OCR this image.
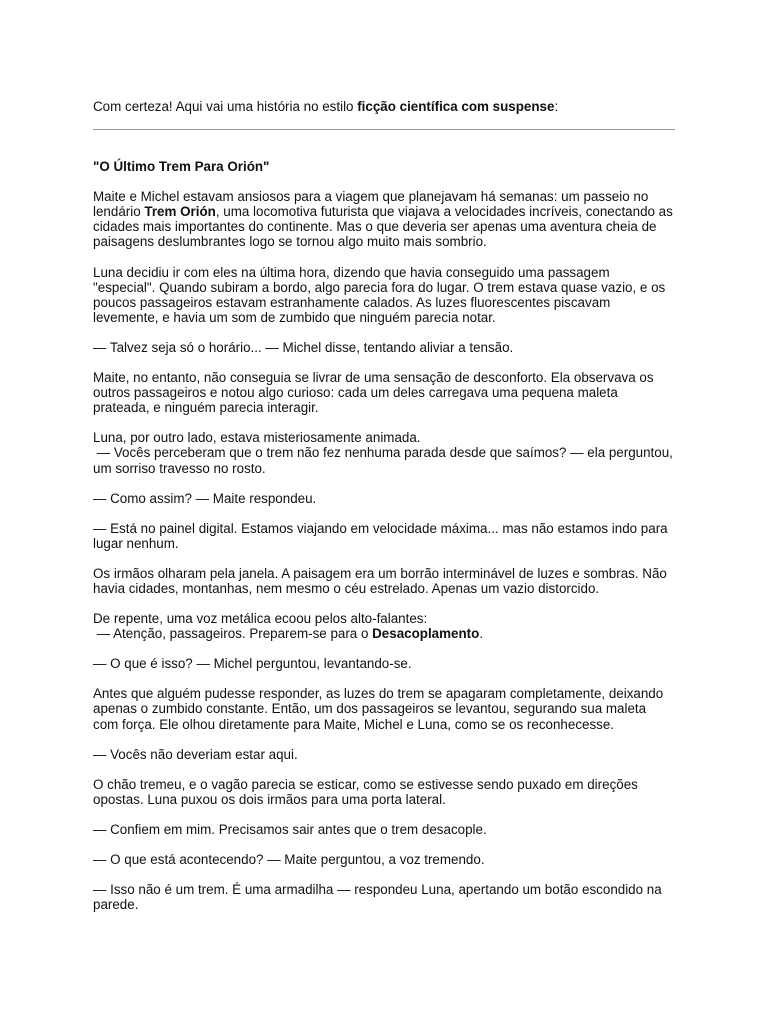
Com certeza! Aqui vai uma história no estilo ficção científica com suspense:

"O Último Trem Para Orión"

Maite e Michel estavam ansiosos para a viagem que planejavam há semanas: um passeio no lendário Trem Orión, uma locomotiva futurista que viajava a velocidades incríveis, conectando as cidades mais importantes do continente. Mas o que deveria ser apenas uma aventura cheia de paisagens deslumbrantes logo se tornou algo muito mais sombrio.

Luna decidiu ir com eles na última hora, dizendo que havia conseguido uma passagem "especial". Quando subiram a bordo, algo parecia fora do lugar. O trem estava quase vazio, e os poucos passageiros estavam estranhamente calados. As luzes fluorescentes piscavam levemente, e havia um som de zumbido que ninguém parecia notar.

— Talvez seja só o horário... — Michel disse, tentando aliviar a tensão.

Maite, no entanto, não conseguia se livrar de uma sensação de desconforto. Ela observava os outros passageiros e notou algo curioso: cada um deles carregava uma pequena maleta prateada, e ninguém parecia interagir.

Luna, por outro lado, estava misteriosamente animada.
— Vocês perceberam que o trem não fez nenhuma parada desde que saímos? — ela perguntou, um sorriso travesso no rosto.

— Como assim? — Maite respondeu.

— Está no painel digital. Estamos viajando em velocidade máxima... mas não estamos indo para lugar nenhum.

Os irmãos olharam pela janela. A paisagem era um borrão interminável de luzes e sombras. Não havia cidades, montanhas, nem mesmo o céu estrelado. Apenas um vazio distorcido.

De repente, uma voz metálica ecoou pelos alto-falantes:
— Atenção, passageiros. Preparem-se para o Desacoplamento.

— O que é isso? — Michel perguntou, levantando-se.

Antes que alguém pudesse responder, as luzes do trem se apagaram completamente, deixando apenas o zumbido constante. Então, um dos passageiros se levantou, segurando sua maleta com força. Ele olhou diretamente para Maite, Michel e Luna, como se os reconhecesse.

— Vocês não deveriam estar aqui.

O chão tremeu, e o vagão parecia se esticar, como se estivesse sendo puxado em direções opostas. Luna puxou os dois irmãos para uma porta lateral.

— Confiem em mim. Precisamos sair antes que o trem desacople.

— O que está acontecendo? — Maite perguntou, a voz tremendo.

— Isso não é um trem. É uma armadilha — respondeu Luna, apertando um botão escondido na parede.
